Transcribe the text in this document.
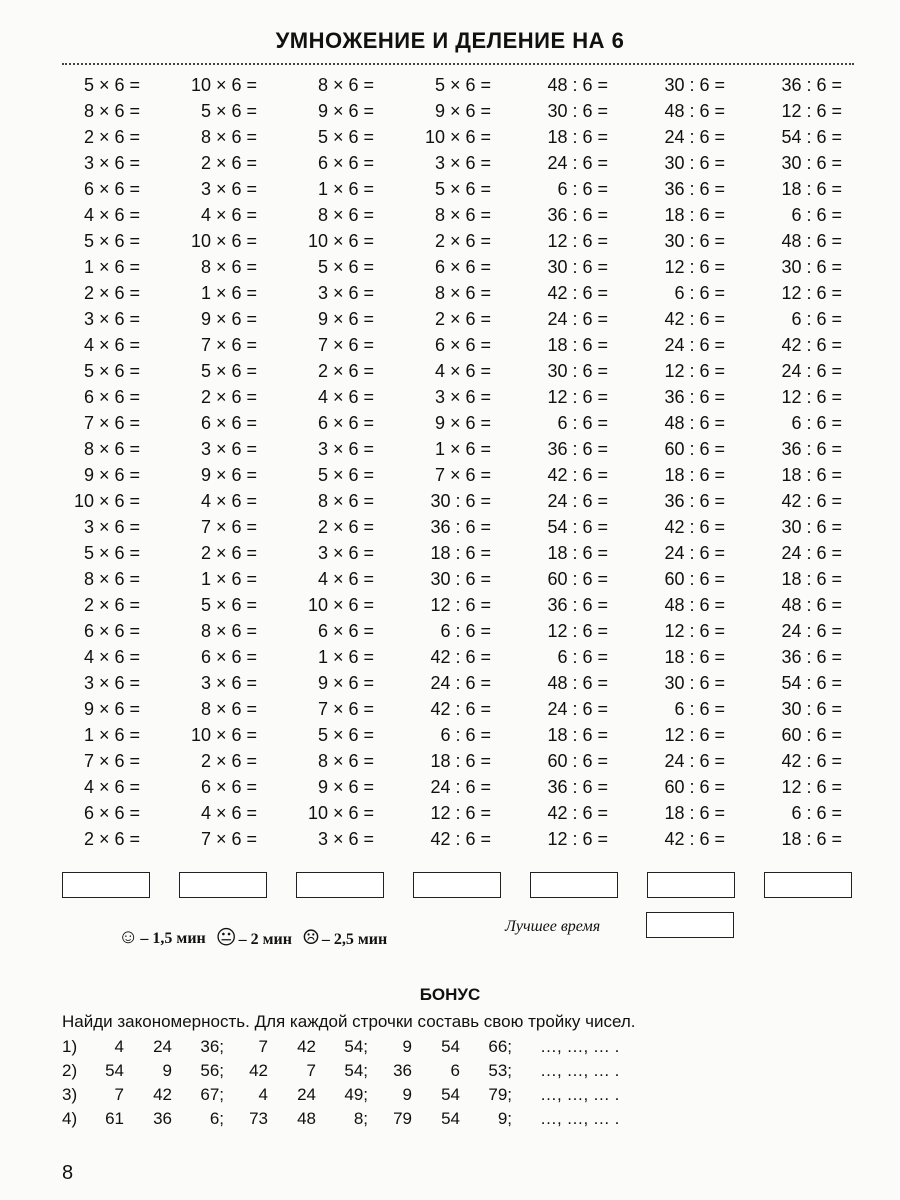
УМНОЖЕНИЕ И ДЕЛЕНИЕ НА 6
5 × 6 =	10 × 6 =	8 × 6 =	5 × 6 =	48 : 6 =	30 : 6 =	36 : 6 =
8 × 6 =	5 × 6 =	9 × 6 =	9 × 6 =	30 : 6 =	48 : 6 =	12 : 6 =
2 × 6 =	8 × 6 =	5 × 6 =	10 × 6 =	18 : 6 =	24 : 6 =	54 : 6 =
3 × 6 =	2 × 6 =	6 × 6 =	3 × 6 =	24 : 6 =	30 : 6 =	30 : 6 =
6 × 6 =	3 × 6 =	1 × 6 =	5 × 6 =	6 : 6 =	36 : 6 =	18 : 6 =
4 × 6 =	4 × 6 =	8 × 6 =	8 × 6 =	36 : 6 =	18 : 6 =	6 : 6 =
5 × 6 =	10 × 6 =	10 × 6 =	2 × 6 =	12 : 6 =	30 : 6 =	48 : 6 =
1 × 6 =	8 × 6 =	5 × 6 =	6 × 6 =	30 : 6 =	12 : 6 =	30 : 6 =
2 × 6 =	1 × 6 =	3 × 6 =	8 × 6 =	42 : 6 =	6 : 6 =	12 : 6 =
3 × 6 =	9 × 6 =	9 × 6 =	2 × 6 =	24 : 6 =	42 : 6 =	6 : 6 =
4 × 6 =	7 × 6 =	7 × 6 =	6 × 6 =	18 : 6 =	24 : 6 =	42 : 6 =
5 × 6 =	5 × 6 =	2 × 6 =	4 × 6 =	30 : 6 =	12 : 6 =	24 : 6 =
6 × 6 =	2 × 6 =	4 × 6 =	3 × 6 =	12 : 6 =	36 : 6 =	12 : 6 =
7 × 6 =	6 × 6 =	6 × 6 =	9 × 6 =	6 : 6 =	48 : 6 =	6 : 6 =
8 × 6 =	3 × 6 =	3 × 6 =	1 × 6 =	36 : 6 =	60 : 6 =	36 : 6 =
9 × 6 =	9 × 6 =	5 × 6 =	7 × 6 =	42 : 6 =	18 : 6 =	18 : 6 =
10 × 6 =	4 × 6 =	8 × 6 =	30 : 6 =	24 : 6 =	36 : 6 =	42 : 6 =
3 × 6 =	7 × 6 =	2 × 6 =	36 : 6 =	54 : 6 =	42 : 6 =	30 : 6 =
5 × 6 =	2 × 6 =	3 × 6 =	18 : 6 =	18 : 6 =	24 : 6 =	24 : 6 =
8 × 6 =	1 × 6 =	4 × 6 =	30 : 6 =	60 : 6 =	60 : 6 =	18 : 6 =
2 × 6 =	5 × 6 =	10 × 6 =	12 : 6 =	36 : 6 =	48 : 6 =	48 : 6 =
6 × 6 =	8 × 6 =	6 × 6 =	6 : 6 =	12 : 6 =	12 : 6 =	24 : 6 =
4 × 6 =	6 × 6 =	1 × 6 =	42 : 6 =	6 : 6 =	18 : 6 =	36 : 6 =
3 × 6 =	3 × 6 =	9 × 6 =	24 : 6 =	48 : 6 =	30 : 6 =	54 : 6 =
9 × 6 =	8 × 6 =	7 × 6 =	42 : 6 =	24 : 6 =	6 : 6 =	30 : 6 =
1 × 6 =	10 × 6 =	5 × 6 =	6 : 6 =	18 : 6 =	12 : 6 =	60 : 6 =
7 × 6 =	2 × 6 =	8 × 6 =	18 : 6 =	60 : 6 =	24 : 6 =	42 : 6 =
4 × 6 =	6 × 6 =	9 × 6 =	24 : 6 =	36 : 6 =	60 : 6 =	12 : 6 =
6 × 6 =	4 × 6 =	10 × 6 =	12 : 6 =	42 : 6 =	18 : 6 =	6 : 6 =
2 × 6 =	7 × 6 =	3 × 6 =	42 : 6 =	12 : 6 =	42 : 6 =	18 : 6 =
☺ – 1,5 мин 😐︎ – 2 мин ☹ – 2,5 мин
Лучшее время
БОНУС
Найди закономерность. Для каждой строчки составь свою тройку чисел.
1)	4	24	36;	7	42	54;	9	54	66; …, …, … .
2)	54	9	56;	42	7	54;	36	6	53; …, …, … .
3)	7	42	67;	4	24	49;	9	54	79; …, …, … .
4)	61	36	6;	73	48	8;	79	54	9; …, …, … .
8
